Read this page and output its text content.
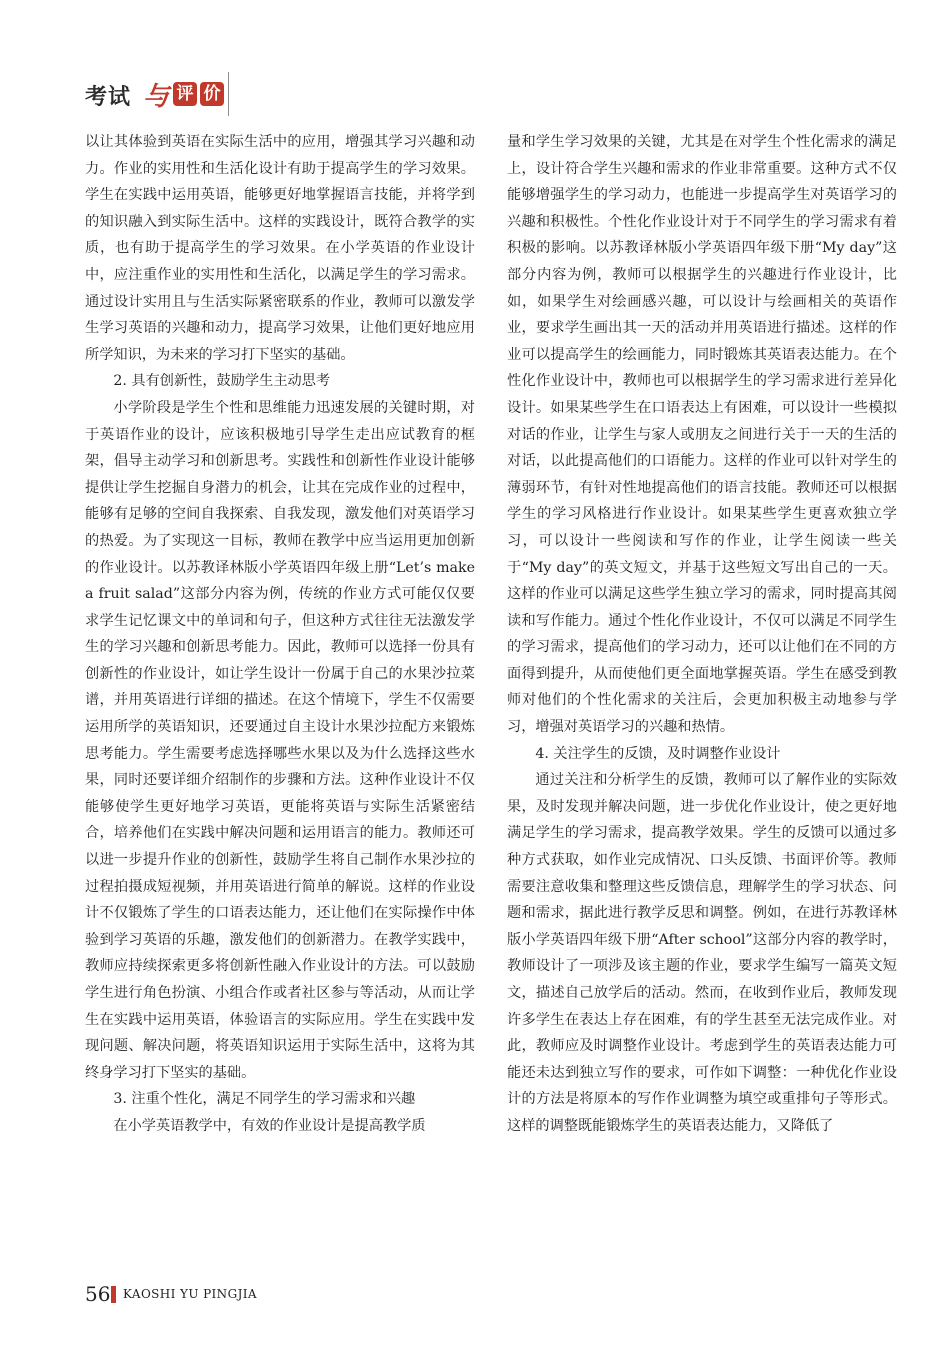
考试 与 评 价

以让其体验到英语在实际生活中的应用，增强其学习兴趣和动力。作业的实用性和生活化设计有助于提高学生的学习效果。学生在实践中运用英语，能够更好地掌握语言技能，并将学到的知识融入到实际生活中。这样的实践设计，既符合教学的实质，也有助于提高学生的学习效果。在小学英语的作业设计中，应注重作业的实用性和生活化，以满足学生的学习需求。通过设计实用且与生活实际紧密联系的作业，教师可以激发学生学习英语的兴趣和动力，提高学习效果，让他们更好地应用所学知识，为未来的学习打下坚实的基础。

2. 具有创新性，鼓励学生主动思考

小学阶段是学生个性和思维能力迅速发展的关键时期，对于英语作业的设计，应该积极地引导学生走出应试教育的框架，倡导主动学习和创新思考。实践性和创新性作业设计能够提供让学生挖掘自身潜力的机会，让其在完成作业的过程中，能够有足够的空间自我探索、自我发现，激发他们对英语学习的热爱。为了实现这一目标，教师在教学中应当运用更加创新的作业设计。以苏教译林版小学英语四年级上册“Let’s make a fruit salad”这部分内容为例，传统的作业方式可能仅仅要求学生记忆课文中的单词和句子，但这种方式往往无法激发学生的学习兴趣和创新思考能力。因此，教师可以选择一份具有创新性的作业设计，如让学生设计一份属于自己的水果沙拉菜谱，并用英语进行详细的描述。在这个情境下，学生不仅需要运用所学的英语知识，还要通过自主设计水果沙拉配方来锻炼思考能力。学生需要考虑选择哪些水果以及为什么选择这些水果，同时还要详细介绍制作的步骤和方法。这种作业设计不仅能够使学生更好地学习英语，更能将英语与实际生活紧密结合，培养他们在实践中解决问题和运用语言的能力。教师还可以进一步提升作业的创新性，鼓励学生将自己制作水果沙拉的过程拍摄成短视频，并用英语进行简单的解说。这样的作业设计不仅锻炼了学生的口语表达能力，还让他们在实际操作中体验到学习英语的乐趣，激发他们的创新潜力。在教学实践中，教师应持续探索更多将创新性融入作业设计的方法。可以鼓励学生进行角色扮演、小组合作或者社区参与等活动，从而让学生在实践中运用英语，体验语言的实际应用。学生在实践中发现问题、解决问题，将英语知识运用于实际生活中，这将为其终身学习打下坚实的基础。

3. 注重个性化，满足不同学生的学习需求和兴趣

在小学英语教学中，有效的作业设计是提高教学质

量和学生学习效果的关键，尤其是在对学生个性化需求的满足上，设计符合学生兴趣和需求的作业非常重要。这种方式不仅能够增强学生的学习动力，也能进一步提高学生对英语学习的兴趣和积极性。个性化作业设计对于不同学生的学习需求有着积极的影响。以苏教译林版小学英语四年级下册“My day”这部分内容为例，教师可以根据学生的兴趣进行作业设计，比如，如果学生对绘画感兴趣，可以设计与绘画相关的英语作业，要求学生画出其一天的活动并用英语进行描述。这样的作业可以提高学生的绘画能力，同时锻炼其英语表达能力。在个性化作业设计中，教师也可以根据学生的学习需求进行差异化设计。如果某些学生在口语表达上有困难，可以设计一些模拟对话的作业，让学生与家人或朋友之间进行关于一天的生活的对话，以此提高他们的口语能力。这样的作业可以针对学生的薄弱环节，有针对性地提高他们的语言技能。教师还可以根据学生的学习风格进行作业设计。如果某些学生更喜欢独立学习，可以设计一些阅读和写作的作业，让学生阅读一些关于“My day”的英文短文，并基于这些短文写出自己的一天。这样的作业可以满足这些学生独立学习的需求，同时提高其阅读和写作能力。通过个性化作业设计，不仅可以满足不同学生的学习需求，提高他们的学习动力，还可以让他们在不同的方面得到提升，从而使他们更全面地掌握英语。学生在感受到教师对他们的个性化需求的关注后，会更加积极主动地参与学习，增强对英语学习的兴趣和热情。

4. 关注学生的反馈，及时调整作业设计

通过关注和分析学生的反馈，教师可以了解作业的实际效果，及时发现并解决问题，进一步优化作业设计，使之更好地满足学生的学习需求，提高教学效果。学生的反馈可以通过多种方式获取，如作业完成情况、口头反馈、书面评价等。教师需要注意收集和整理这些反馈信息，理解学生的学习状态、问题和需求，据此进行教学反思和调整。例如，在进行苏教译林版小学英语四年级下册“After school”这部分内容的教学时，教师设计了一项涉及该主题的作业，要求学生编写一篇英文短文，描述自己放学后的活动。然而，在收到作业后，教师发现许多学生在表达上存在困难，有的学生甚至无法完成作业。对此，教师应及时调整作业设计。考虑到学生的英语表达能力可能还未达到独立写作的要求，可作如下调整：一种优化作业设计的方法是将原本的写作作业调整为填空或重排句子等形式。这样的调整既能锻炼学生的英语表达能力，又降低了

56 KAOSHI YU PINGJIA
